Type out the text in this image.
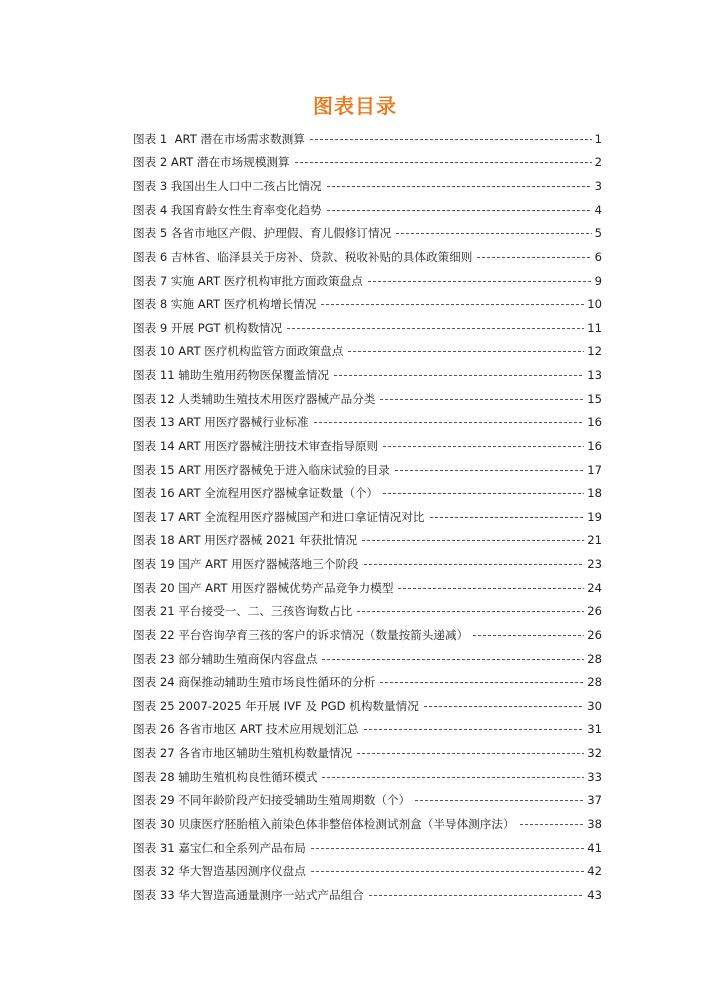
图表目录
图表 1  ART 潜在市场需求数测算	1
图表 2 ART 潜在市场规模测算	2
图表 3 我国出生人口中二孩占比情况	3
图表 4 我国育龄女性生育率变化趋势	4
图表 5 各省市地区产假、护理假、育儿假修订情况	5
图表 6 吉林省、临泽县关于房补、贷款、税收补贴的具体政策细则	6
图表 7 实施 ART 医疗机构审批方面政策盘点	9
图表 8 实施 ART 医疗机构增长情况	10
图表 9 开展 PGT 机构数情况	11
图表 10 ART 医疗机构监管方面政策盘点	12
图表 11 辅助生殖用药物医保覆盖情况	13
图表 12 人类辅助生殖技术用医疗器械产品分类	15
图表 13 ART 用医疗器械行业标准	16
图表 14 ART 用医疗器械注册技术审查指导原则	16
图表 15 ART 用医疗器械免于进入临床试验的目录	17
图表 16 ART 全流程用医疗器械拿证数量（个）	18
图表 17 ART 全流程用医疗器械国产和进口拿证情况对比	19
图表 18 ART 用医疗器械 2021 年获批情况	21
图表 19 国产 ART 用医疗器械落地三个阶段	23
图表 20 国产 ART 用医疗器械优势产品竞争力模型	24
图表 21 平台接受一、二、三孩咨询数占比	26
图表 22 平台咨询孕育三孩的客户的诉求情况（数量按箭头递减）	26
图表 23 部分辅助生殖商保内容盘点	28
图表 24 商保推动辅助生殖市场良性循环的分析	28
图表 25 2007-2025 年开展 IVF 及 PGD 机构数量情况	30
图表 26 各省市地区 ART 技术应用规划汇总	31
图表 27 各省市地区辅助生殖机构数量情况	32
图表 28 辅助生殖机构良性循环模式	33
图表 29 不同年龄阶段产妇接受辅助生殖周期数（个）	37
图表 30 贝康医疗胚胎植入前染色体非整倍体检测试剂盒（半导体测序法）	38
图表 31 嘉宝仁和全系列产品布局	41
图表 32 华大智造基因测序仪盘点	42
图表 33 华大智造高通量测序一站式产品组合	43
